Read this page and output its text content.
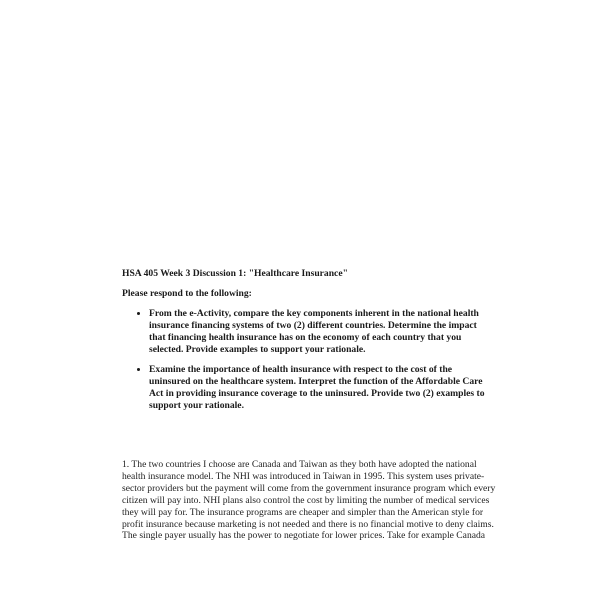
HSA 405 Week 3 Discussion 1: "Healthcare Insurance"
Please respond to the following:
From the e-Activity, compare the key components inherent in the national health
insurance financing systems of two (2) different countries. Determine the impact
that financing health insurance has on the economy of each country that you
selected. Provide examples to support your rationale.
Examine the importance of health insurance with respect to the cost of the
uninsured on the healthcare system. Interpret the function of the Affordable Care
Act in providing insurance coverage to the uninsured. Provide two (2) examples to
support your rationale.
1. The two countries I choose are Canada and Taiwan as they both have adopted the national
health insurance model. The NHI was introduced in Taiwan in 1995. This system uses private-
sector providers but the payment will come from the government insurance program which every
citizen will pay into. NHI plans also control the cost by limiting the number of medical services
they will pay for. The insurance programs are cheaper and simpler than the American style for
profit insurance because marketing is not needed and there is no financial motive to deny claims.
The single payer usually has the power to negotiate for lower prices. Take for example Canada
